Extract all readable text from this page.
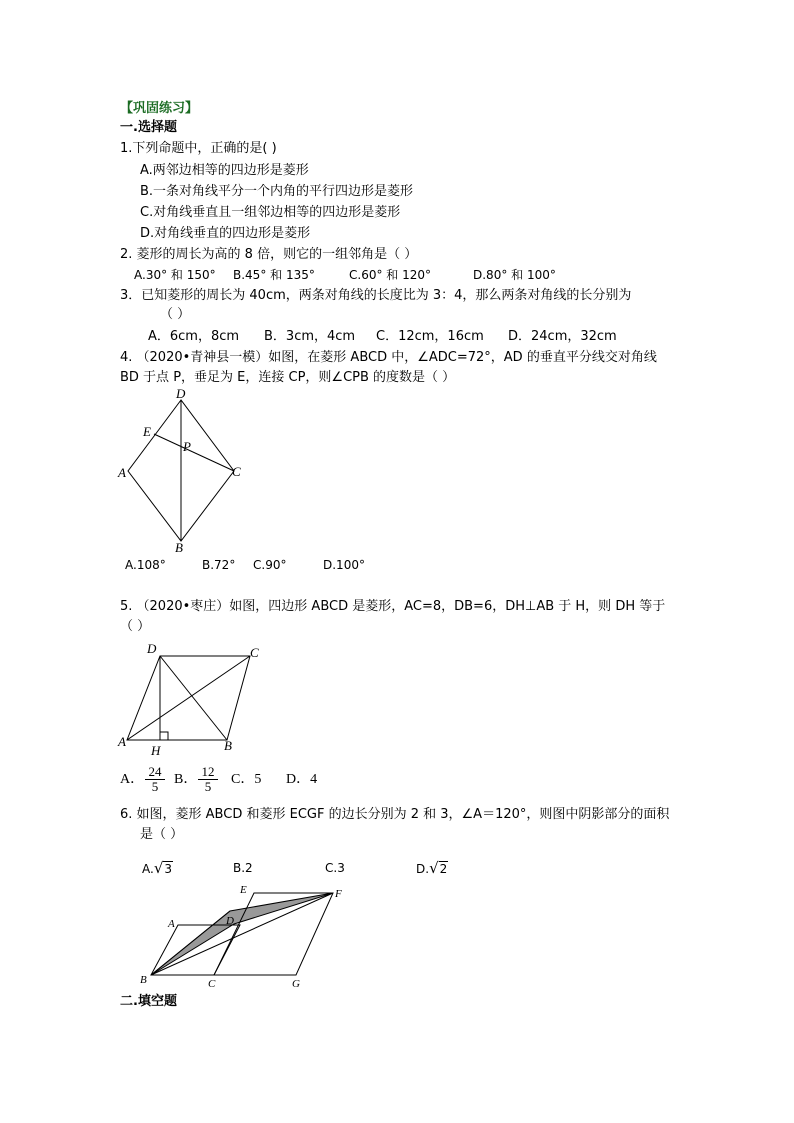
【巩固练习】
一.选择题
1.下列命题中，正确的是( )
A.两邻边相等的四边形是菱形
B.一条对角线平分一个内角的平行四边形是菱形
C.对角线垂直且一组邻边相等的四边形是菱形
D.对角线垂直的四边形是菱形
2. 菱形的周长为高的 8 倍，则它的一组邻角是（ ）
A.30° 和 150° B.45° 和 135°	C.60° 和 120°	D.80° 和 100°
3．已知菱形的周长为 40cm，两条对角线的长度比为 3：4，那么两条对角线的长分别为
（ ）
A．6cm，8cm B．3cm，4cm C．12cm，16cm D．24cm，32cm
4. （2020•青神县一模）如图，在菱形 ABCD 中，∠ADC=72°，AD 的垂直平分线交对角线
BD 于点 P，垂足为 E，连接 CP，则∠CPB 的度数是（ ）
D
E
P
A	C
B
A.108°	B.72° C.90°	D.100°
5. （2020•枣庄）如图，四边形 ABCD 是菱形，AC=8，DB=6，DH⊥AB 于 H，则 DH 等于
（ ）
D	C
A
H	B
A． $\frac{24}{5}$ B． $\frac{12}{5}$ C．5 D．4
6. 如图，菱形 ABCD 和菱形 ECGF 的边长分别为 2 和 3，∠A＝120°，则图中阴影部分的面积
是（ ）
A.√3	B.2	C.3	D.√2
E	F
A	D
B	C	G
二.填空题
